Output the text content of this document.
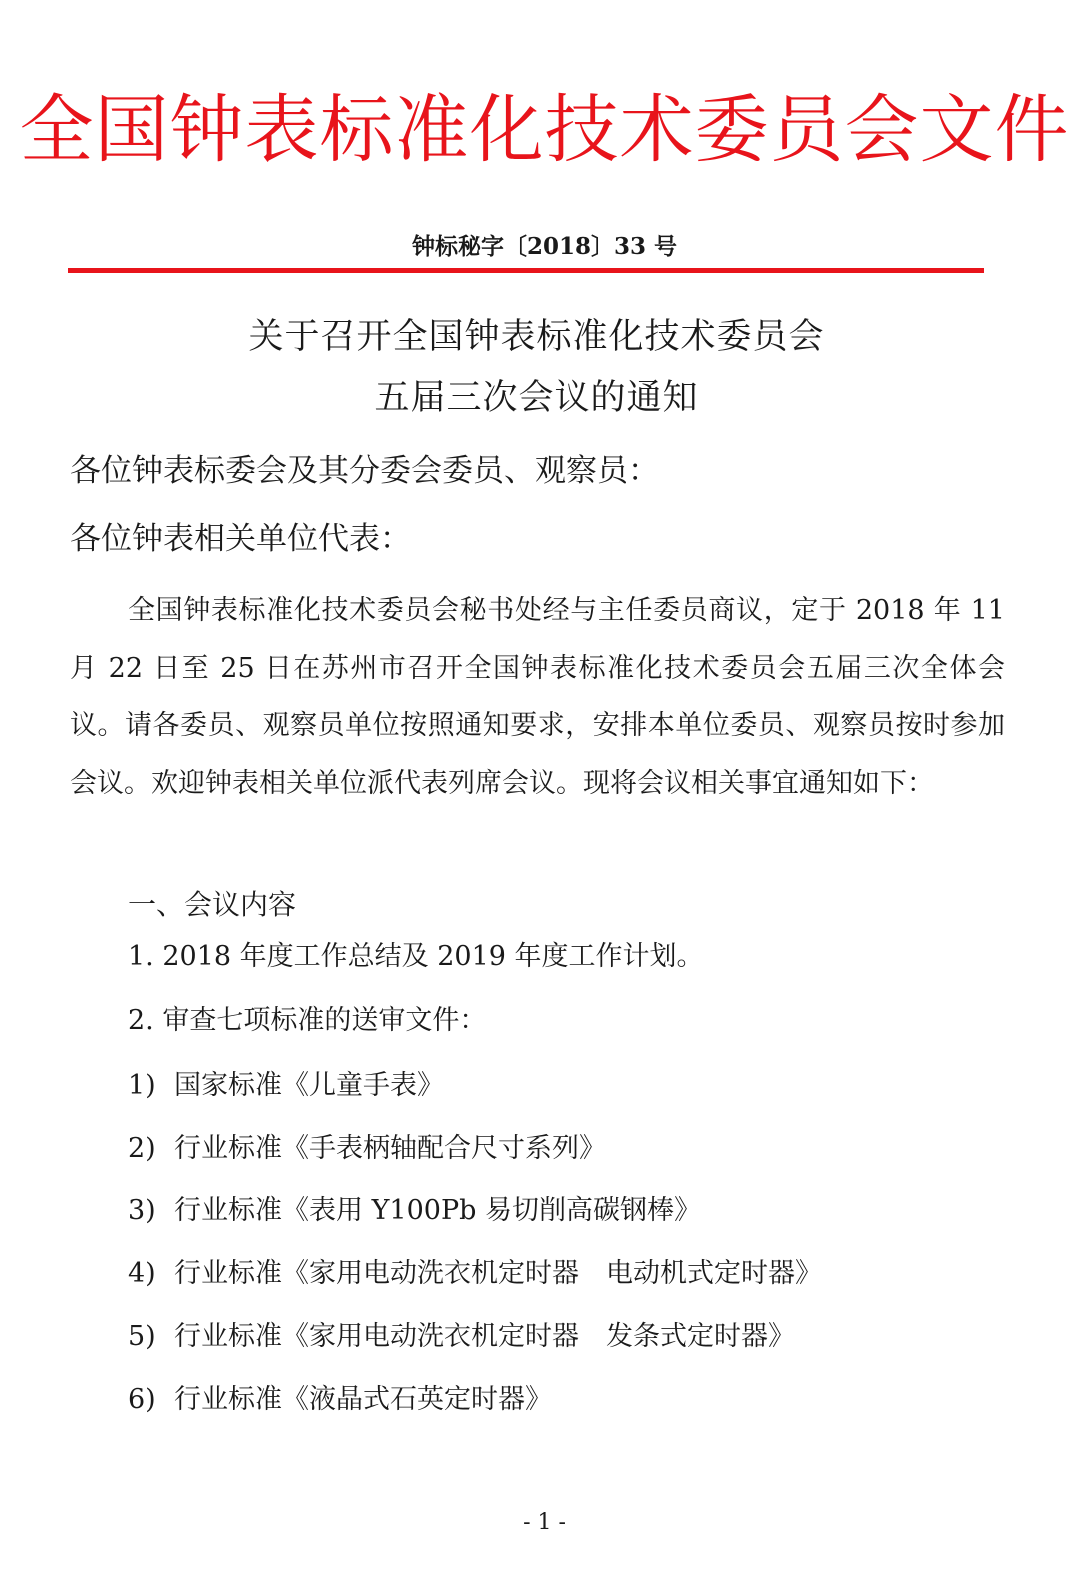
全国钟表标准化技术委员会文件
钟标秘字〔2018〕33 号
关于召开全国钟表标准化技术委员会
五届三次会议的通知
各位钟表标委会及其分委会委员、观察员：
各位钟表相关单位代表：
全国钟表标准化技术委员会秘书处经与主任委员商议，定于 2018 年 11 月 22 日至 25 日在苏州市召开全国钟表标准化技术委员会五届三次全体会议。请各委员、观察员单位按照通知要求，安排本单位委员、观察员按时参加会议。欢迎钟表相关单位派代表列席会议。现将会议相关事宜通知如下：
一、会议内容
1. 2018 年度工作总结及 2019 年度工作计划。
2. 审查七项标准的送审文件：
1) 国家标准《儿童手表》
2) 行业标准《手表柄轴配合尺寸系列》
3) 行业标准《表用 Y100Pb 易切削高碳钢棒》
4) 行业标准《家用电动洗衣机定时器　电动机式定时器》
5) 行业标准《家用电动洗衣机定时器　发条式定时器》
6) 行业标准《液晶式石英定时器》
- 1 -
